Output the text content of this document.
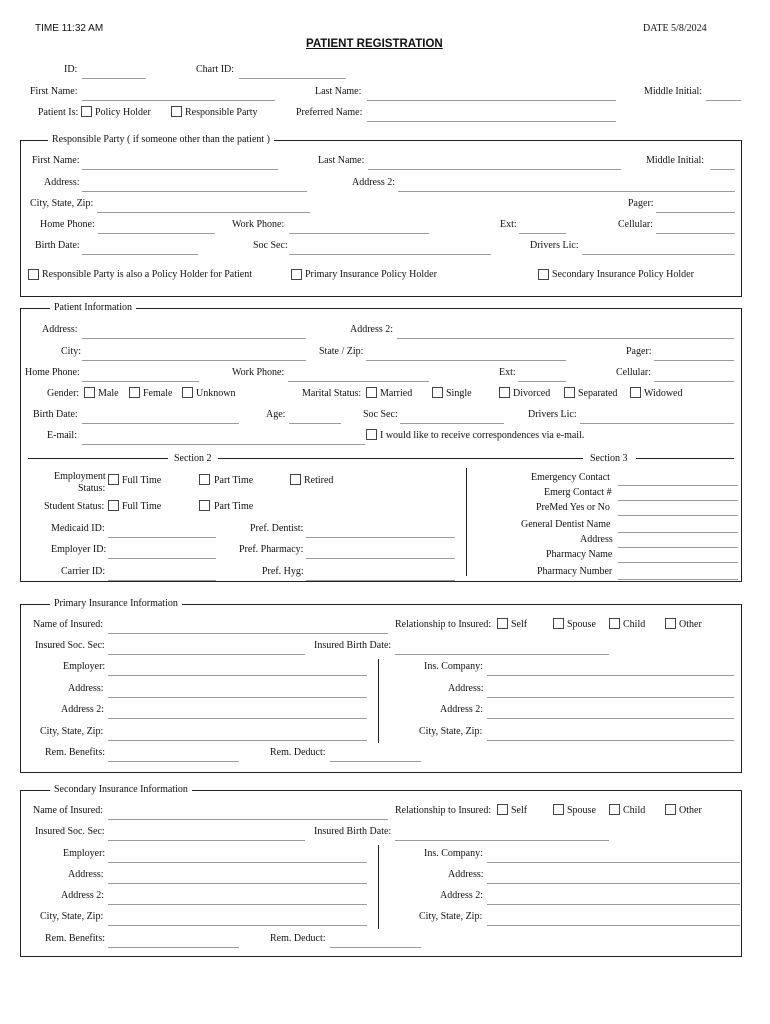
TIME 11:32 AM	DATE 5/8/2024
PATIENT REGISTRATION
ID:	Chart ID:
First Name:	Last Name:	Middle Initial:
Patient Is: Policy Holder	Responsible Party	Preferred Name:
Responsible Party ( if someone other than the patient )
First Name:	Last Name:	Middle Initial:
Address:	Address 2:
City, State, Zip:	Pager:
Home Phone:	Work Phone:	Ext:	Cellular:
Birth Date:	Soc Sec:	Drivers Lic:
Responsible Party is also a Policy Holder for Patient	Primary Insurance Policy Holder	Secondary Insurance Policy Holder
Patient Information
Address:	Address 2:
City:	State / Zip:	Pager:
Home Phone:	Work Phone:	Ext:	Cellular:
Gender: Male Female Unknown	Marital Status: Married	Single	Divorced	Separated	Widowed
Birth Date:	Age:	Soc Sec:	Drivers Lic:
E-mail:	I would like to receive correspondences via e-mail.
Section 2	Section 3
Employment
Status:
Full Time	Part Time	Retired
Student Status: Full Time	Part Time
Medicaid ID:	Pref. Dentist:
Employer ID:	Pref. Pharmacy:
Carrier ID:	Pref. Hyg:
Emergency Contact
Emerg Contact #
PreMed Yes or No
General Dentist Name
Address
Pharmacy Name
Pharmacy Number
Primary Insurance Information
Name of Insured:	Relationship to Insured: Self	Spouse	Child	Other
Insured Soc. Sec:	Insured Birth Date:
Employer:	Ins. Company:
Address:	Address:
Address 2:	Address 2:
City, State, Zip:	City, State, Zip:
Rem. Benefits:	Rem. Deduct:
Secondary Insurance Information
Name of Insured:	Relationship to Insured: Self	Spouse	Child	Other
Insured Soc. Sec:	Insured Birth Date:
Employer:	Ins. Company:
Address:	Address:
Address 2:	Address 2:
City, State, Zip:	City, State, Zip:
Rem. Benefits:	Rem. Deduct:
